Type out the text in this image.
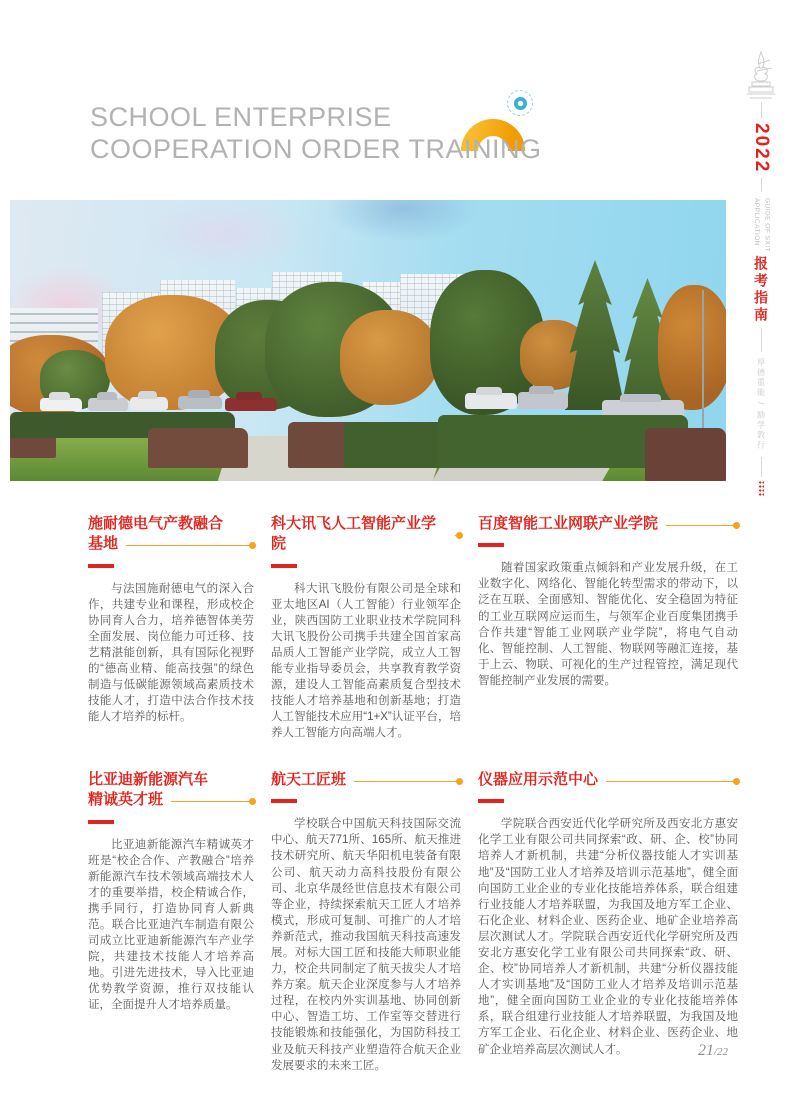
SCHOOL ENTERPRISE
COOPERATION ORDER TRAINING	2022
APPLICATION GUIDE OF SXIT
报考指南
厚德重能 / 励学敦行
施耐德电气产教融合
基地

与法国施耐德电气的深入合作，共建专业和课程，形成校企协同育人合力，培养德智体美劳全面发展、岗位能力可迁移、技艺精湛能创新，具有国际化视野的“德高业精、能高技强”的绿色制造与低碳能源领域高素质技术技能人才，打造中法合作技术技能人才培养的标杆。

科大讯飞人工智能产业学院

科大讯飞股份有限公司是全球和亚太地区AI（人工智能）行业领军企业，陕西国防工业职业技术学院同科大讯飞股份公司携手共建全国首家高品质人工智能产业学院，成立人工智能专业指导委员会，共享教育教学资源，建设人工智能高素质复合型技术技能人才培养基地和创新基地；打造人工智能技术应用“1+X”认证平台，培养人工智能方向高端人才。

百度智能工业网联产业学院

随着国家政策重点倾斜和产业发展升级，在工业数字化、网络化、智能化转型需求的带动下，以泛在互联、全面感知、智能优化、安全稳固为特征的工业互联网应运而生，与领军企业百度集团携手合作共建“智能工业网联产业学院”，将电气自动化、智能控制、人工智能、物联网等融汇连接，基于上云、物联、可视化的生产过程管控，满足现代智能控制产业发展的需要。

比亚迪新能源汽车
精诚英才班

比亚迪新能源汽车精诚英才班是“校企合作、产教融合”培养新能源汽车技术领域高端技术人才的重要举措，校企精诚合作，携手同行，打造协同育人新典范。联合比亚迪汽车制造有限公司成立比亚迪新能源汽车产业学院，共建技术技能人才培养高地。引进先进技术，导入比亚迪优势教学资源，推行双技能认证，全面提升人才培养质量。

航天工匠班

学校联合中国航天科技国际交流中心、航天771所、165所、航天推进技术研究所、航天华阳机电装备有限公司、航天动力高科技股份有限公司、北京华晟经世信息技术有限公司等企业，持续探索航天工匠人才培养模式，形成可复制、可推广的人才培养新范式，推动我国航天科技高速发展。对标大国工匠和技能大师职业能力，校企共同制定了航天拔尖人才培养方案。航天企业深度参与人才培养过程，在校内外实训基地、协同创新中心、智造工坊、工作室等交替进行技能锻炼和技能强化，为国防科技工业及航天科技产业塑造符合航天企业发展要求的未来工匠。

仪器应用示范中心

学院联合西安近代化学研究所及西安北方惠安化学工业有限公司共同探索“政、研、企、校”协同培养人才新机制，共建“分析仪器技能人才实训基地”及“国防工业人才培养及培训示范基地”，健全面向国防工业企业的专业化技能培养体系，联合组建行业技能人才培养联盟，为我国及地方军工企业、石化企业、材料企业、医药企业、地矿企业培养高层次测试人才。学院联合西安近代化学研究所及西安北方惠安化学工业有限公司共同探索“政、研、企、校”协同培养人才新机制，共建“分析仪器技能人才实训基地”及“国防工业人才培养及培训示范基地”，健全面向国防工业企业的专业化技能培养体系，联合组建行业技能人才培养联盟，为我国及地方军工企业、石化企业、材料企业、医药企业、地矿企业培养高层次测试人才。	21/22
